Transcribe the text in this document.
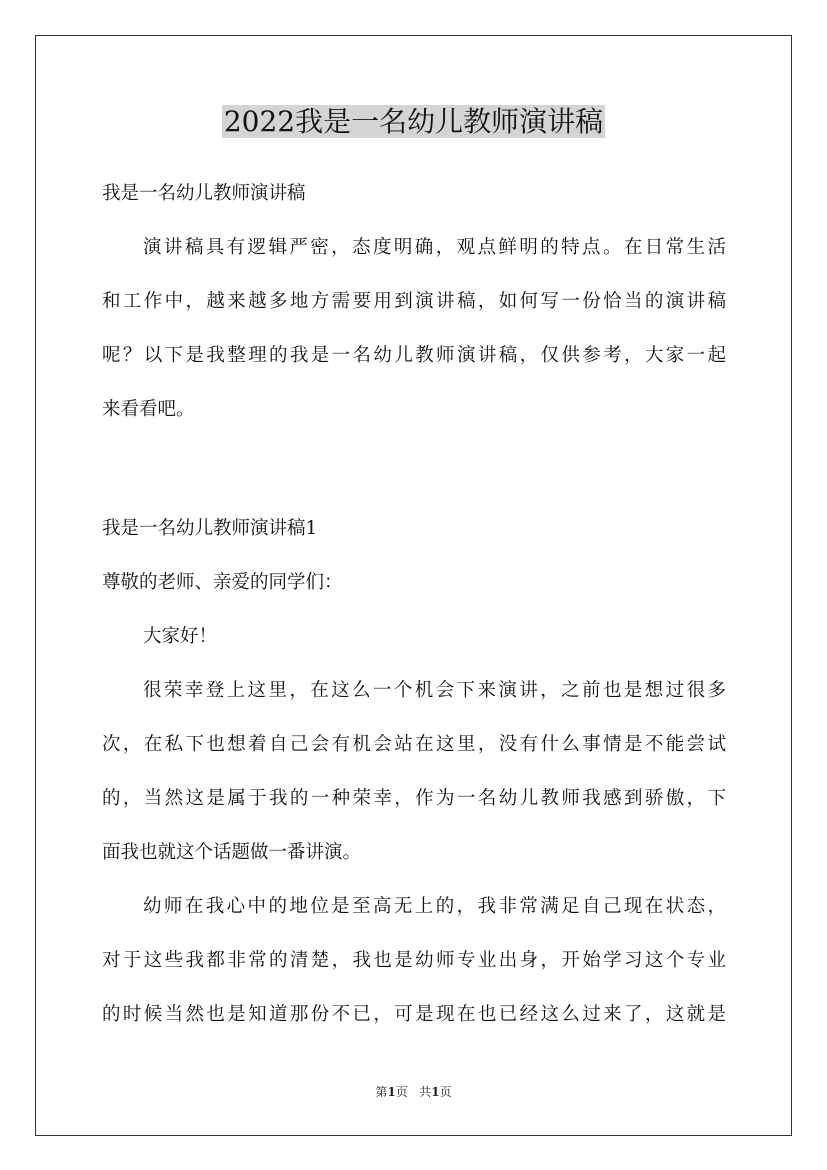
2022我是一名幼儿教师演讲稿
我是一名幼儿教师演讲稿
演讲稿具有逻辑严密，态度明确，观点鲜明的特点。在日常生活
和工作中，越来越多地方需要用到演讲稿，如何写一份恰当的演讲稿
呢？以下是我整理的我是一名幼儿教师演讲稿，仅供参考，大家一起
来看看吧。
我是一名幼儿教师演讲稿1
尊敬的老师、亲爱的同学们：
大家好！
很荣幸登上这里，在这么一个机会下来演讲，之前也是想过很多
次，在私下也想着自己会有机会站在这里，没有什么事情是不能尝试
的，当然这是属于我的一种荣幸，作为一名幼儿教师我感到骄傲，下
面我也就这个话题做一番讲演。
幼师在我心中的地位是至高无上的，我非常满足自己现在状态，
对于这些我都非常的清楚，我也是幼师专业出身，开始学习这个专业
的时候当然也是知道那份不已，可是现在也已经这么过来了，这就是
第1页 共1页
